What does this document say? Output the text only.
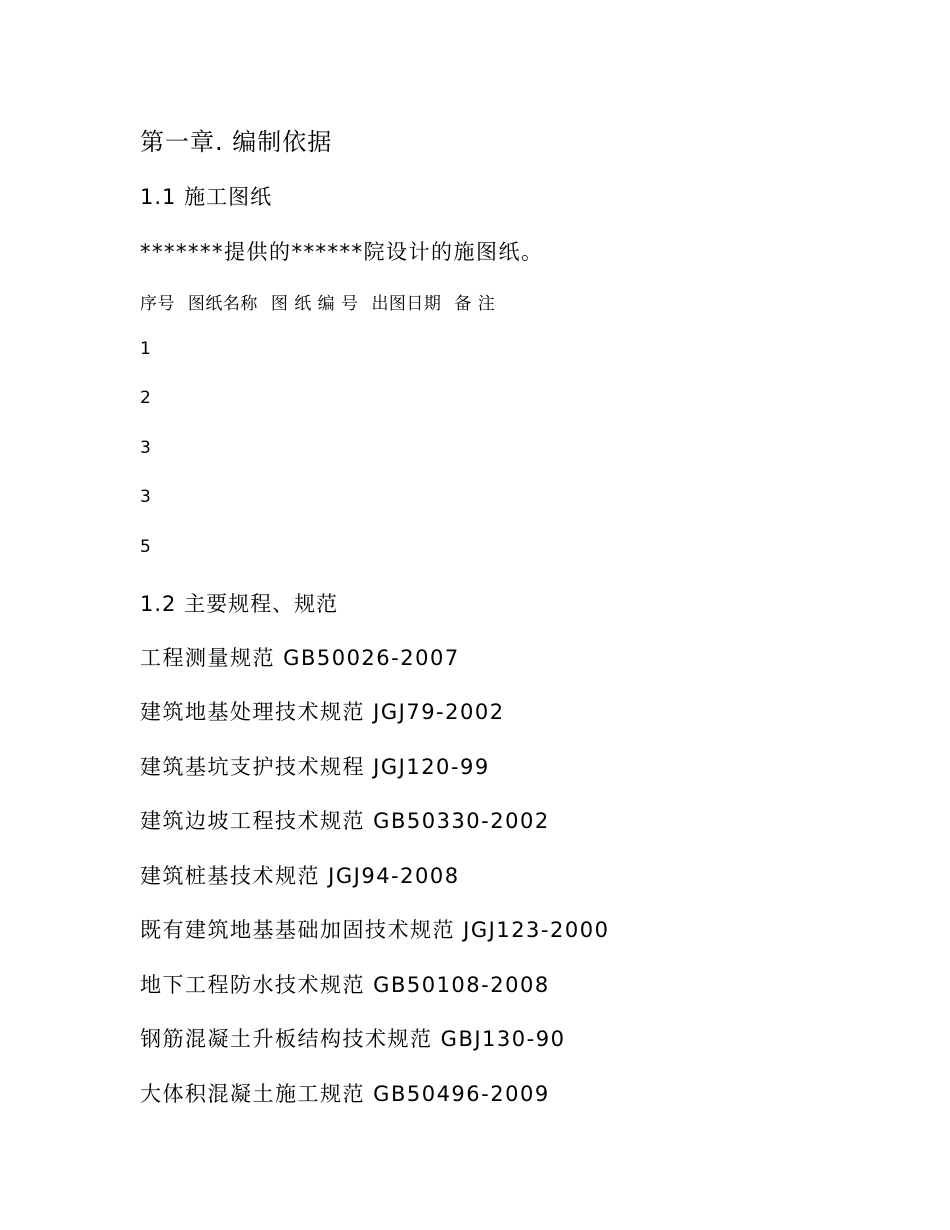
第一章. 编制依据
1.1 施工图纸
*******提供的******院设计的施图纸。
序号 图纸名称 图 纸 编 号 出图日期 备 注
1
2
3
3
5
1.2 主要规程、规范
工程测量规范 GB50026-2007
建筑地基处理技术规范 JGJ79-2002
建筑基坑支护技术规程 JGJ120-99
建筑边坡工程技术规范 GB50330-2002
建筑桩基技术规范 JGJ94-2008
既有建筑地基基础加固技术规范 JGJ123-2000
地下工程防水技术规范 GB50108-2008
钢筋混凝土升板结构技术规范 GBJ130-90
大体积混凝土施工规范 GB50496-2009
